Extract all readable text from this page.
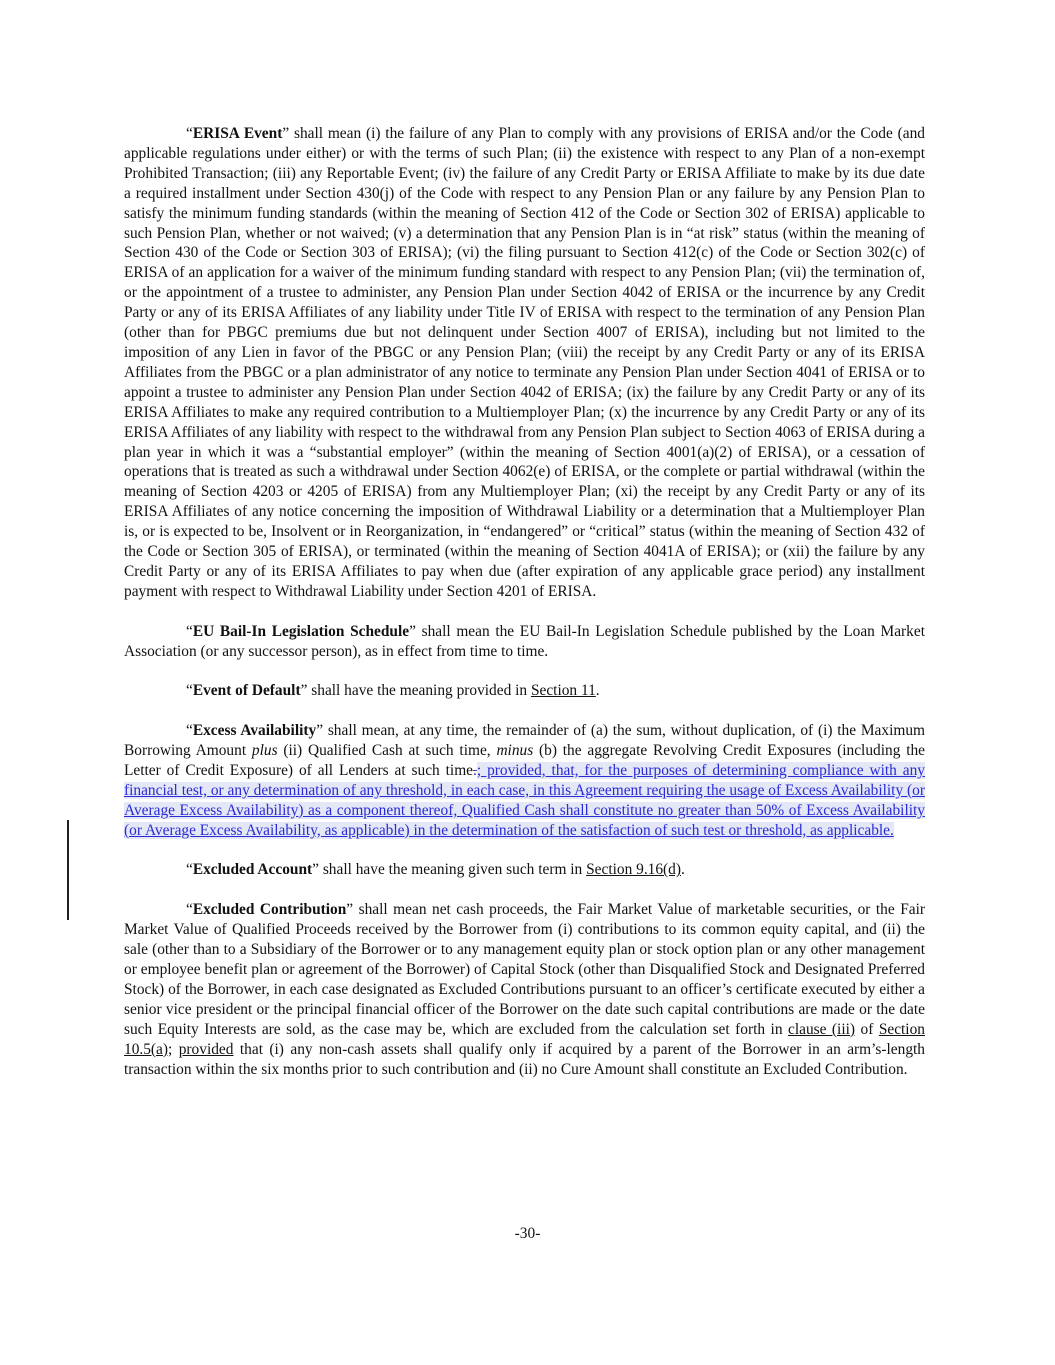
“ERISA Event” shall mean (i) the failure of any Plan to comply with any provisions of ERISA and/or the Code (and applicable regulations under either) or with the terms of such Plan; (ii) the existence with respect to any Plan of a non-exempt Prohibited Transaction; (iii) any Reportable Event; (iv) the failure of any Credit Party or ERISA Affiliate to make by its due date a required installment under Section 430(j) of the Code with respect to any Pension Plan or any failure by any Pension Plan to satisfy the minimum funding standards (within the meaning of Section 412 of the Code or Section 302 of ERISA) applicable to such Pension Plan, whether or not waived; (v) a determination that any Pension Plan is in “at risk” status (within the meaning of Section 430 of the Code or Section 303 of ERISA); (vi) the filing pursuant to Section 412(c) of the Code or Section 302(c) of ERISA of an application for a waiver of the minimum funding standard with respect to any Pension Plan; (vii) the termination of, or the appointment of a trustee to administer, any Pension Plan under Section 4042 of ERISA or the incurrence by any Credit Party or any of its ERISA Affiliates of any liability under Title IV of ERISA with respect to the termination of any Pension Plan (other than for PBGC premiums due but not delinquent under Section 4007 of ERISA), including but not limited to the imposition of any Lien in favor of the PBGC or any Pension Plan; (viii) the receipt by any Credit Party or any of its ERISA Affiliates from the PBGC or a plan administrator of any notice to terminate any Pension Plan under Section 4041 of ERISA or to appoint a trustee to administer any Pension Plan under Section 4042 of ERISA; (ix) the failure by any Credit Party or any of its ERISA Affiliates to make any required contribution to a Multiemployer Plan; (x) the incurrence by any Credit Party or any of its ERISA Affiliates of any liability with respect to the withdrawal from any Pension Plan subject to Section 4063 of ERISA during a plan year in which it was a “substantial employer” (within the meaning of Section 4001(a)(2) of ERISA), or a cessation of operations that is treated as such a withdrawal under Section 4062(e) of ERISA, or the complete or partial withdrawal (within the meaning of Section 4203 or 4205 of ERISA) from any Multiemployer Plan; (xi) the receipt by any Credit Party or any of its ERISA Affiliates of any notice concerning the imposition of Withdrawal Liability or a determination that a Multiemployer Plan is, or is expected to be, Insolvent or in Reorganization, in “endangered” or “critical” status (within the meaning of Section 432 of the Code or Section 305 of ERISA), or terminated (within the meaning of Section 4041A of ERISA); or (xii) the failure by any Credit Party or any of its ERISA Affiliates to pay when due (after expiration of any applicable grace period) any installment payment with respect to Withdrawal Liability under Section 4201 of ERISA.

“EU Bail-In Legislation Schedule” shall mean the EU Bail-In Legislation Schedule published by the Loan Market Association (or any successor person), as in effect from time to time.

“Event of Default” shall have the meaning provided in Section 11.

“Excess Availability” shall mean, at any time, the remainder of (a) the sum, without duplication, of (i) the Maximum Borrowing Amount plus (ii) Qualified Cash at such time, minus (b) the aggregate Revolving Credit Exposures (including the Letter of Credit Exposure) of all Lenders at such time.; provided, that, for the purposes of determining compliance with any financial test, or any determination of any threshold, in each case, in this Agreement requiring the usage of Excess Availability (or Average Excess Availability) as a component thereof, Qualified Cash shall constitute no greater than 50% of Excess Availability (or Average Excess Availability, as applicable) in the determination of the satisfaction of such test or threshold, as applicable.

“Excluded Account” shall have the meaning given such term in Section 9.16(d).

“Excluded Contribution” shall mean net cash proceeds, the Fair Market Value of marketable securities, or the Fair Market Value of Qualified Proceeds received by the Borrower from (i) contributions to its common equity capital, and (ii) the sale (other than to a Subsidiary of the Borrower or to any management equity plan or stock option plan or any other management or employee benefit plan or agreement of the Borrower) of Capital Stock (other than Disqualified Stock and Designated Preferred Stock) of the Borrower, in each case designated as Excluded Contributions pursuant to an officer’s certificate executed by either a senior vice president or the principal financial officer of the Borrower on the date such capital contributions are made or the date such Equity Interests are sold, as the case may be, which are excluded from the calculation set forth in clause (iii) of Section 10.5(a); provided that (i) any non-cash assets shall qualify only if acquired by a parent of the Borrower in an arm’s-length transaction within the six months prior to such contribution and (ii) no Cure Amount shall constitute an Excluded Contribution.

-30-
